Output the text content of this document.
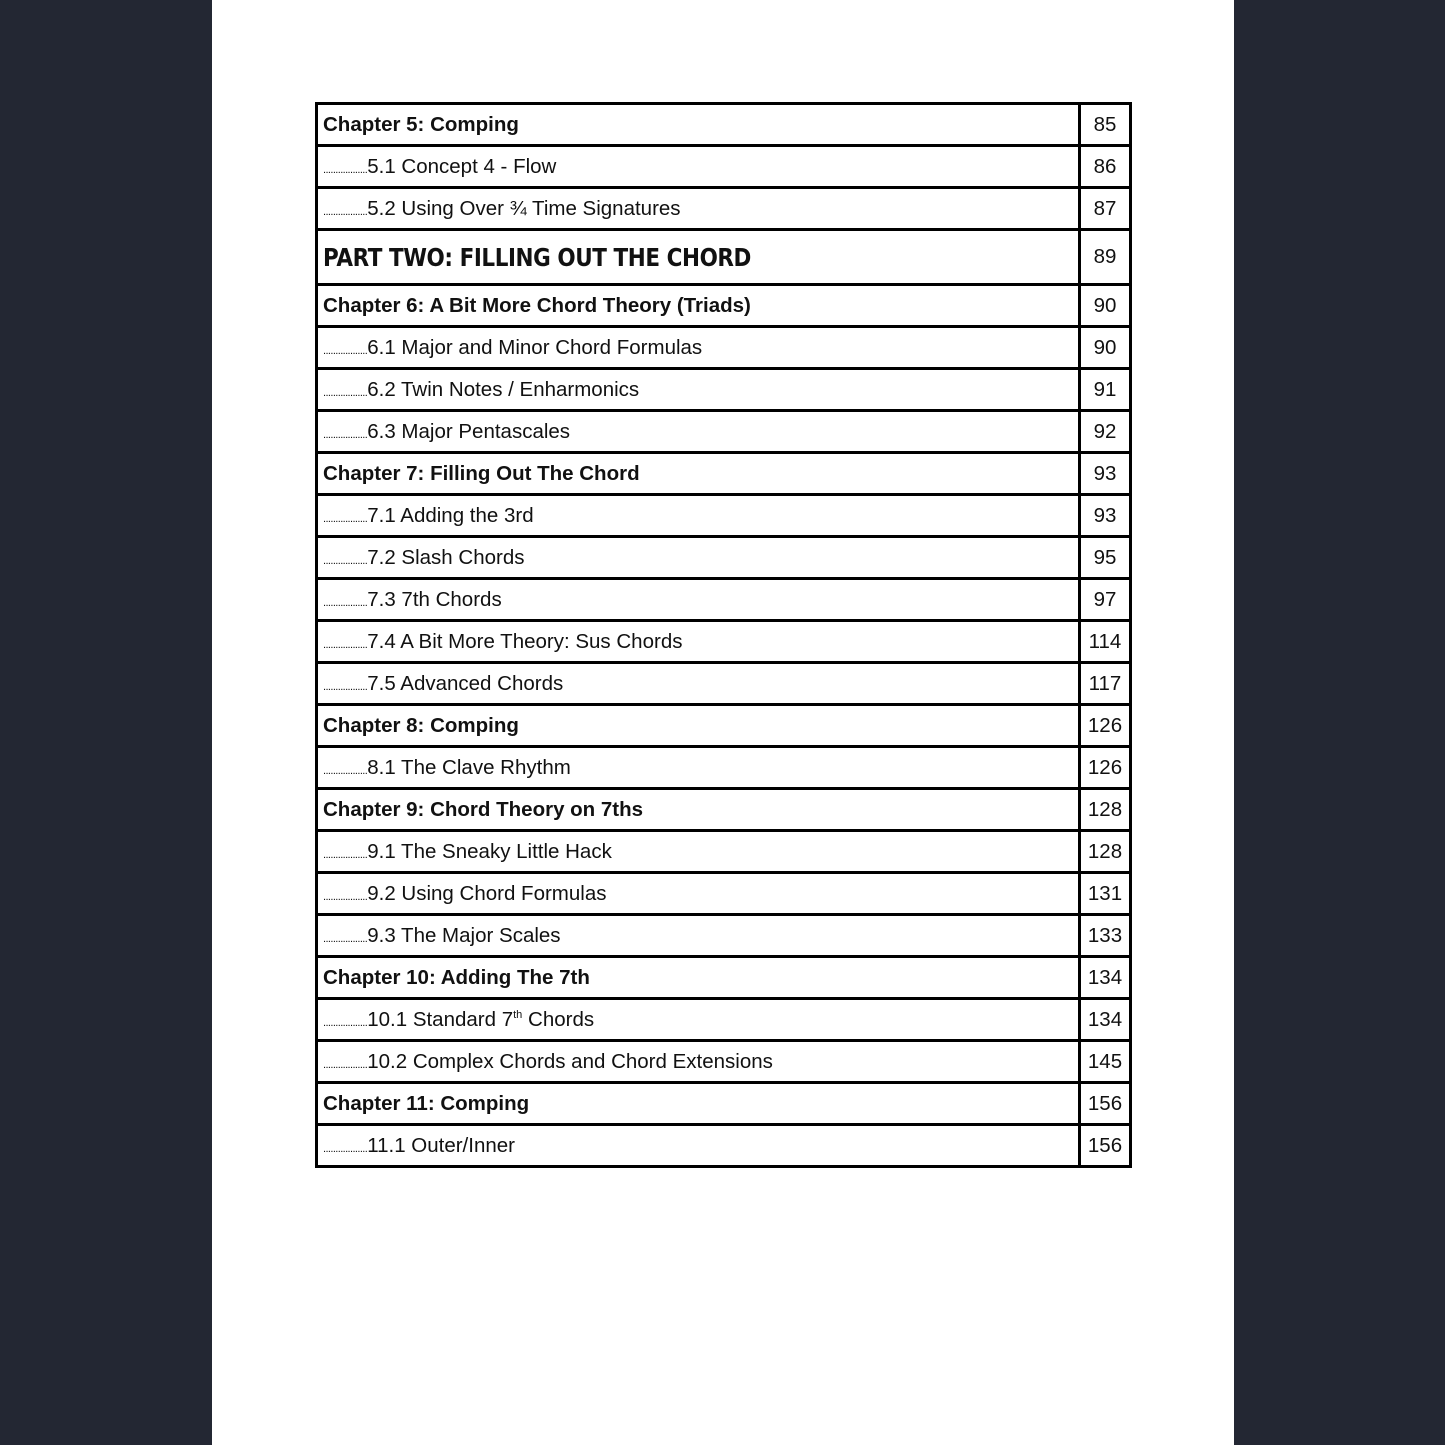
Chapter 5: Comping	85
..................5.1 Concept 4 - Flow	86
..................5.2 Using Over ¾ Time Signatures	87
PART TWO: FILLING OUT THE CHORD	89
Chapter 6: A Bit More Chord Theory (Triads)	90
..................6.1 Major and Minor Chord Formulas	90
..................6.2 Twin Notes / Enharmonics	91
..................6.3 Major Pentascales	92
Chapter 7: Filling Out The Chord	93
..................7.1 Adding the 3rd	93
..................7.2 Slash Chords	95
..................7.3 7th Chords	97
..................7.4 A Bit More Theory: Sus Chords	114
..................7.5 Advanced Chords	117
Chapter 8: Comping	126
..................8.1 The Clave Rhythm	126
Chapter 9: Chord Theory on 7ths	128
..................9.1 The Sneaky Little Hack	128
..................9.2 Using Chord Formulas	131
..................9.3 The Major Scales	133
Chapter 10: Adding The 7th	134
..................10.1 Standard 7th Chords	134
..................10.2 Complex Chords and Chord Extensions	145
Chapter 11: Comping	156
..................11.1 Outer/Inner	156
